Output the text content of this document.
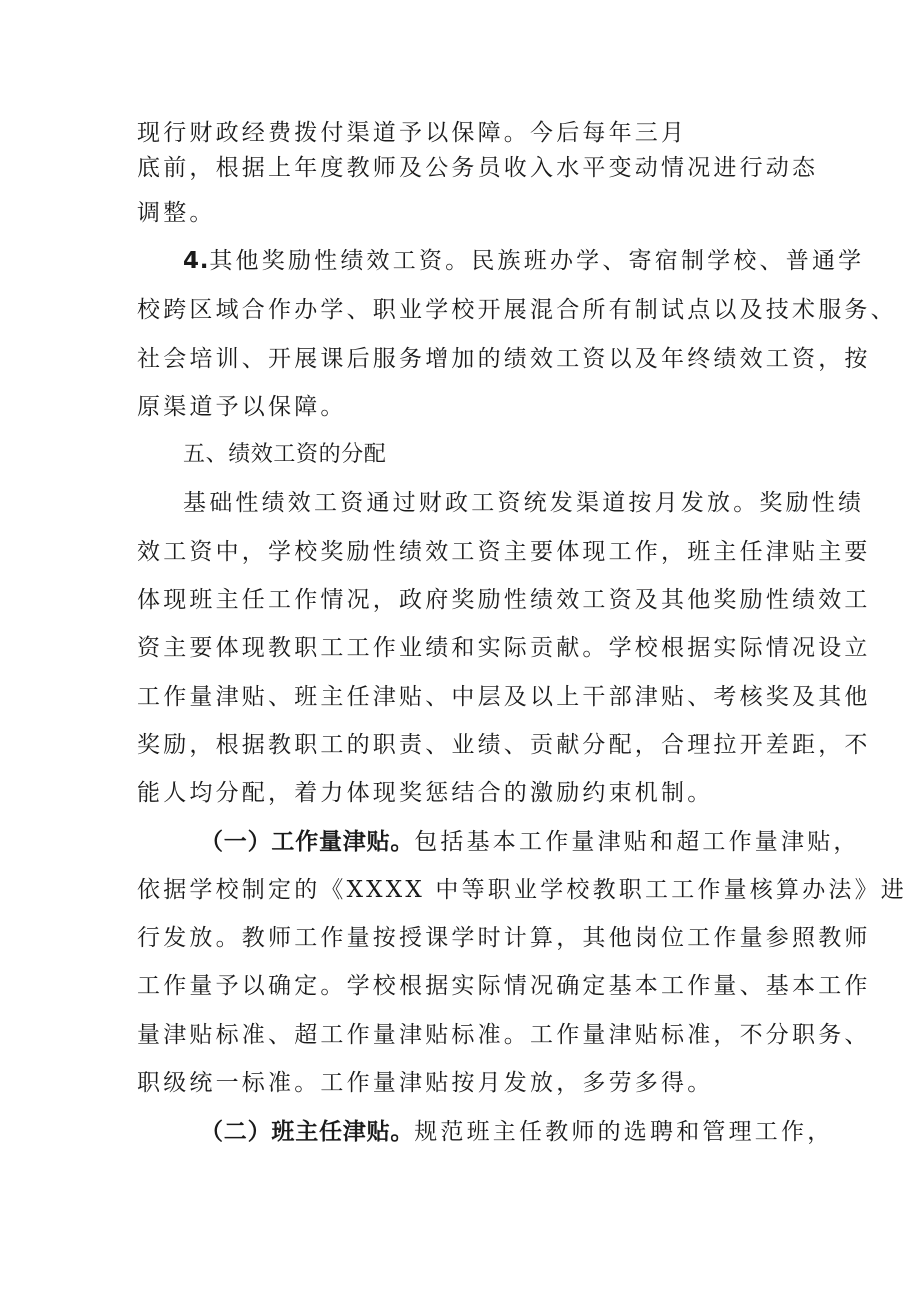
现行财政经费拨付渠道予以保障。今后每年三月
底前，根据上年度教师及公务员收入水平变动情况进行动态
调整。
4.其他奖励性绩效工资。民族班办学、寄宿制学校、普通学
校跨区域合作办学、职业学校开展混合所有制试点以及技术服务、
社会培训、开展课后服务增加的绩效工资以及年终绩效工资，按
原渠道予以保障。
五、绩效工资的分配
基础性绩效工资通过财政工资统发渠道按月发放。奖励性绩
效工资中，学校奖励性绩效工资主要体现工作，班主任津贴主要
体现班主任工作情况，政府奖励性绩效工资及其他奖励性绩效工
资主要体现教职工工作业绩和实际贡献。学校根据实际情况设立
工作量津贴、班主任津贴、中层及以上干部津贴、考核奖及其他
奖励，根据教职工的职责、业绩、贡献分配，合理拉开差距，不
能人均分配，着力体现奖惩结合的激励约束机制。
（一）工作量津贴。包括基本工作量津贴和超工作量津贴，
依据学校制定的《XXXX 中等职业学校教职工工作量核算办法》进
行发放。教师工作量按授课学时计算，其他岗位工作量参照教师
工作量予以确定。学校根据实际情况确定基本工作量、基本工作
量津贴标准、超工作量津贴标准。工作量津贴标准，不分职务、
职级统一标准。工作量津贴按月发放，多劳多得。
（二）班主任津贴。规范班主任教师的选聘和管理工作，
